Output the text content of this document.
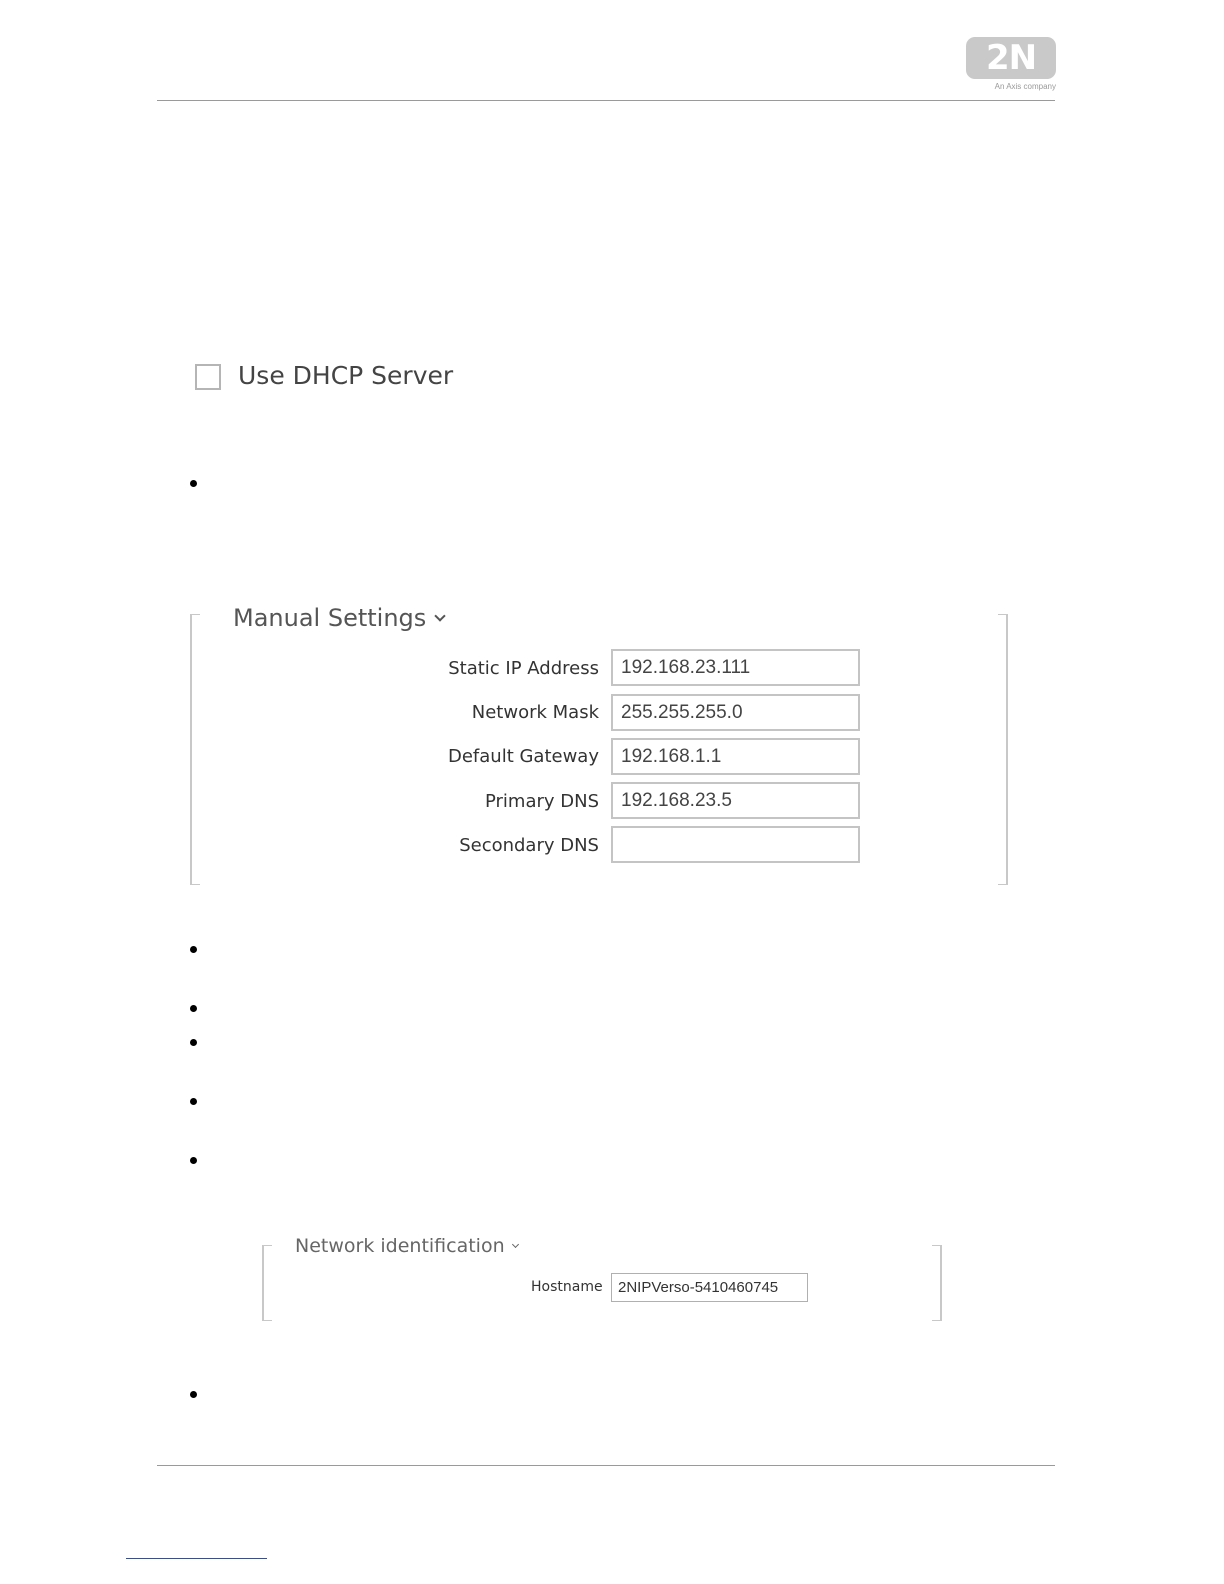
2N
An Axis company
Use DHCP Server
Manual Settings
Static IP Address
192.168.23.111
Network Mask
255.255.255.0
Default Gateway
192.168.1.1
Primary DNS
192.168.23.5
Secondary DNS
Network identification
Hostname
2NIPVerso-5410460745
